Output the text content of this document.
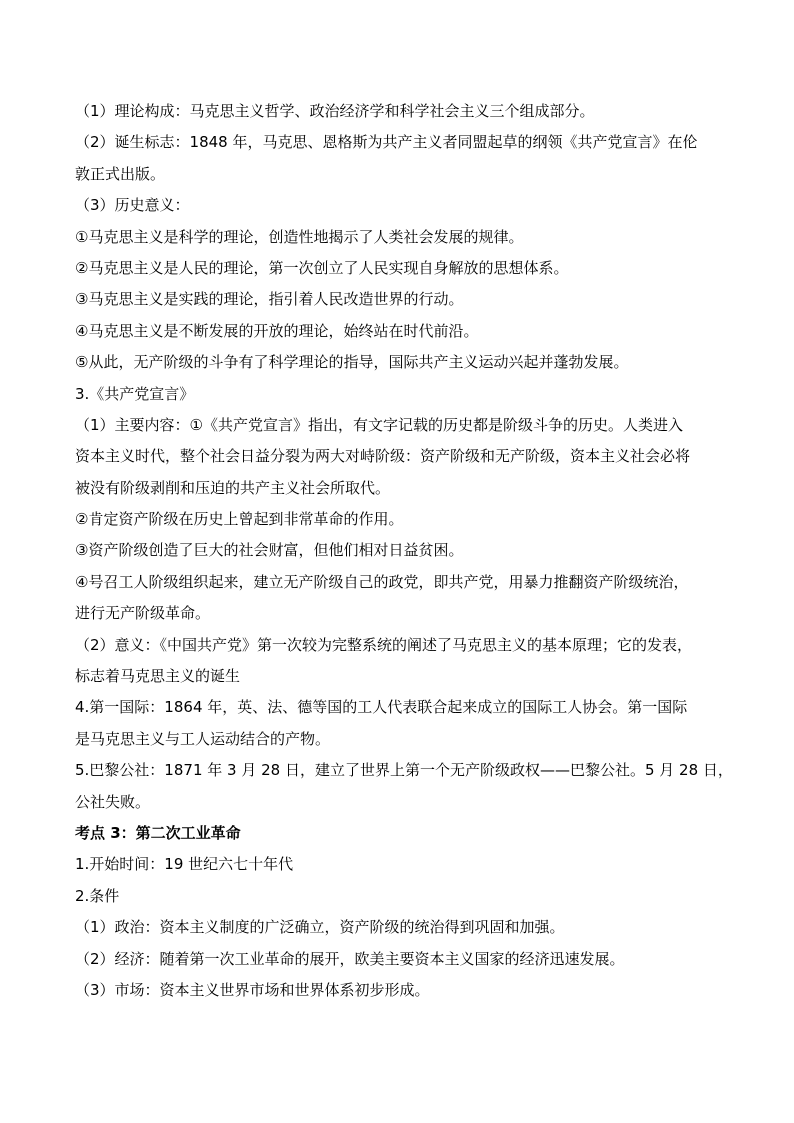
（1）理论构成：马克思主义哲学、政治经济学和科学社会主义三个组成部分。
（2）诞生标志：1848 年，马克思、恩格斯为共产主义者同盟起草的纲领《共产党宣言》在伦
敦正式出版。
（3）历史意义：
①马克思主义是科学的理论，创造性地揭示了人类社会发展的规律。
②马克思主义是人民的理论，第一次创立了人民实现自身解放的思想体系。
③马克思主义是实践的理论，指引着人民改造世界的行动。
④马克思主义是不断发展的开放的理论，始终站在时代前沿。
⑤从此，无产阶级的斗争有了科学理论的指导，国际共产主义运动兴起并蓬勃发展。
3.《共产党宣言》
（1）主要内容：①《共产党宣言》指出，有文字记载的历史都是阶级斗争的历史。人类进入
资本主义时代，整个社会日益分裂为两大对峙阶级：资产阶级和无产阶级，资本主义社会必将
被没有阶级剥削和压迫的共产主义社会所取代。
②肯定资产阶级在历史上曾起到非常革命的作用。
③资产阶级创造了巨大的社会财富，但他们相对日益贫困。
④号召工人阶级组织起来，建立无产阶级自己的政党，即共产党，用暴力推翻资产阶级统治，
进行无产阶级革命。
（2）意义：《中国共产党》第一次较为完整系统的阐述了马克思主义的基本原理；它的发表，
标志着马克思主义的诞生
4.第一国际：1864 年，英、法、德等国的工人代表联合起来成立的国际工人协会。第一国际
是马克思主义与工人运动结合的产物。
5.巴黎公社：1871 年 3 月 28 日，建立了世界上第一个无产阶级政权——巴黎公社。5 月 28 日，
公社失败。
考点 3：第二次工业革命
1.开始时间：19 世纪六七十年代
2.条件
（1）政治：资本主义制度的广泛确立，资产阶级的统治得到巩固和加强。
（2）经济：随着第一次工业革命的展开，欧美主要资本主义国家的经济迅速发展。
（3）市场：资本主义世界市场和世界体系初步形成。
